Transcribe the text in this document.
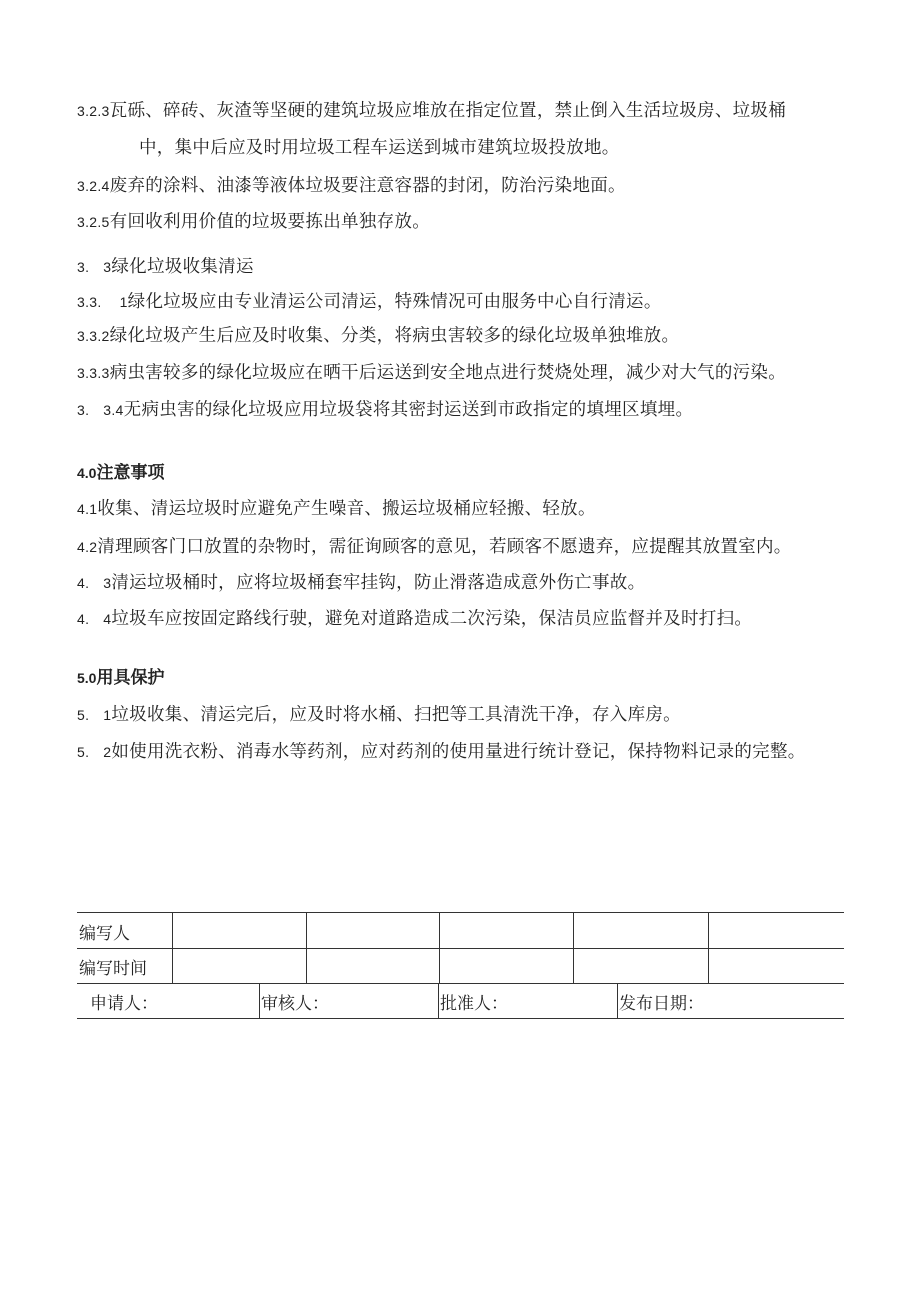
3.2.3瓦砾、碎砖、灰渣等坚硬的建筑垃圾应堆放在指定位置，禁止倒入生活垃圾房、垃圾桶
中，集中后应及时用垃圾工程车运送到城市建筑垃圾投放地。
3.2.4废弃的涂料、油漆等液体垃圾要注意容器的封闭，防治污染地面。
3.2.5有回收利用价值的垃圾要拣出单独存放。
3. 3绿化垃圾收集清运
3.3. 1绿化垃圾应由专业清运公司清运，特殊情况可由服务中心自行清运。
3.3.2绿化垃圾产生后应及时收集、分类，将病虫害较多的绿化垃圾单独堆放。
3.3.3病虫害较多的绿化垃圾应在晒干后运送到安全地点进行焚烧处理，减少对大气的污染。
3. 3.4无病虫害的绿化垃圾应用垃圾袋将其密封运送到市政指定的填埋区填埋。
4.0注意事项
4.1收集、清运垃圾时应避免产生噪音、搬运垃圾桶应轻搬、轻放。
4.2清理顾客门口放置的杂物时，需征询顾客的意见，若顾客不愿遗弃，应提醒其放置室内。
4. 3清运垃圾桶时，应将垃圾桶套牢挂钩，防止滑落造成意外伤亡事故。
4. 4垃圾车应按固定路线行驶，避免对道路造成二次污染，保洁员应监督并及时打扫。
5.0用具保护
5. 1垃圾收集、清运完后，应及时将水桶、扫把等工具清洗干净，存入库房。
5. 2如使用洗衣粉、消毒水等药剂，应对药剂的使用量进行统计登记，保持物料记录的完整。
编写人
编写时间
申请人：	审核人：	批准人：	发布日期：
